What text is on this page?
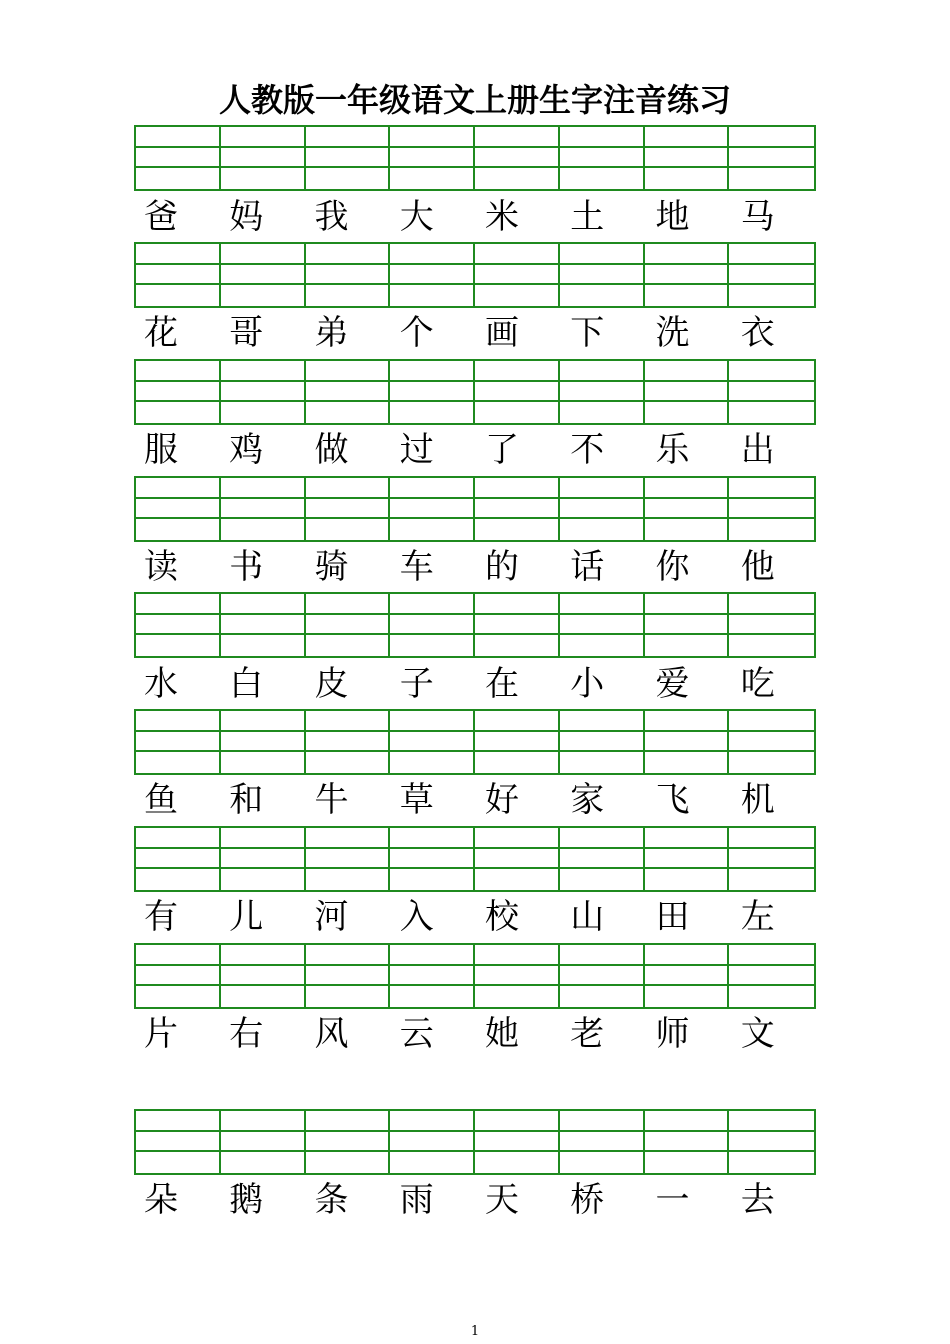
人教版一年级语文上册生字注音练习
爸	妈	我	大	米	土	地	马
花	哥	弟	个	画	下	洗	衣
服	鸡	做	过	了	不	乐	出
读	书	骑	车	的	话	你	他
水	白	皮	子	在	小	爱	吃
鱼	和	牛	草	好	家	飞	机
有	儿	河	入	校	山	田	左
片	右	风	云	她	老	师	文
朵	鹅	条	雨	天	桥	一	去
1
